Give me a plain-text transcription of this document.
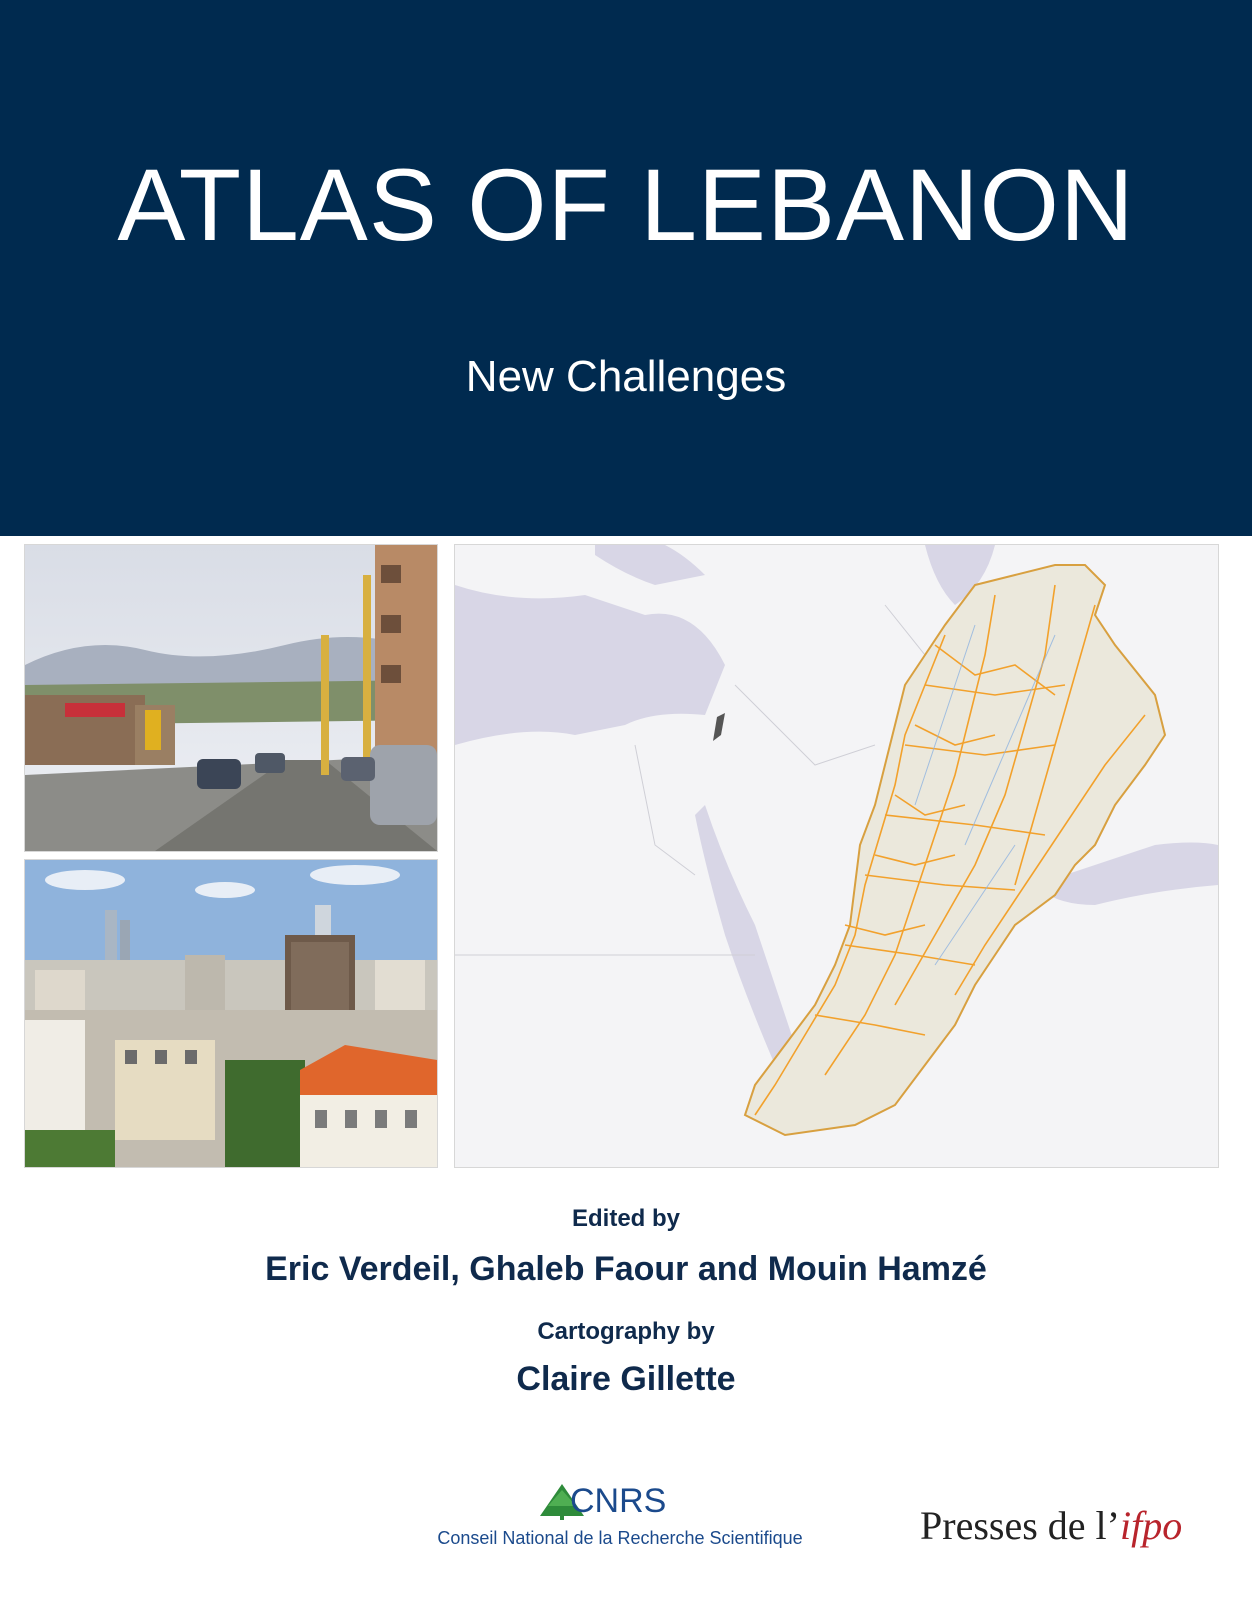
ATLAS OF LEBANON
New Challenges
Edited by
Eric Verdeil, Ghaleb Faour and Mouin Hamzé
Cartography by
Claire Gillette
CNRS
Conseil National de la Recherche Scientifique	Presses de l’ifpo
